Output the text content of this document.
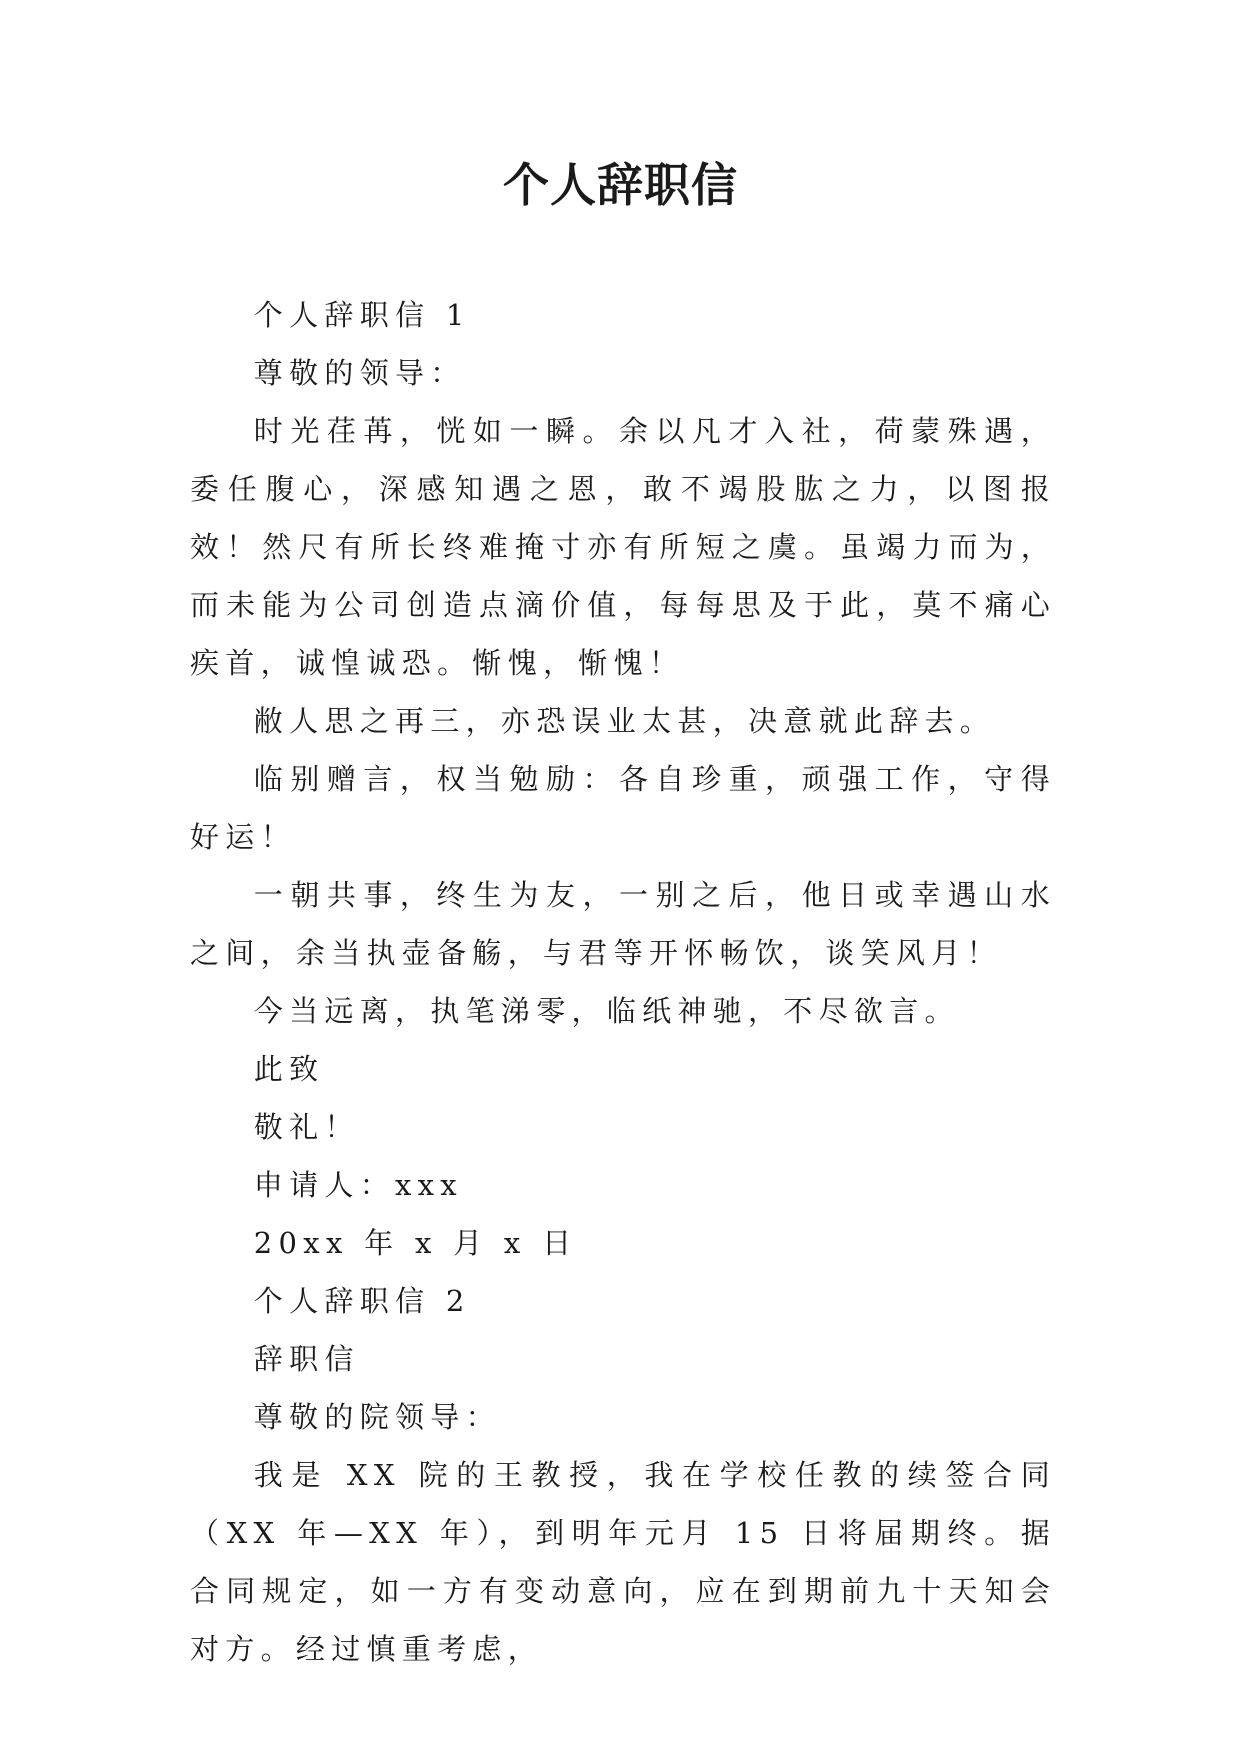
个人辞职信

个人辞职信 1

尊敬的领导：

时光荏苒，恍如一瞬。余以凡才入社，荷蒙殊遇，委任腹心，深感知遇之恩，敢不竭股肱之力，以图报效！然尺有所长终难掩寸亦有所短之虞。虽竭力而为，而未能为公司创造点滴价值，每每思及于此，莫不痛心疾首，诚惶诚恐。惭愧，惭愧！

敝人思之再三，亦恐误业太甚，决意就此辞去。

临别赠言，权当勉励：各自珍重，顽强工作，守得好运！

一朝共事，终生为友，一别之后，他日或幸遇山水之间，余当执壶备觞，与君等开怀畅饮，谈笑风月！

今当远离，执笔涕零，临纸神驰，不尽欲言。

此致

敬礼！

申请人：xxx

20xx 年 x 月 x 日

个人辞职信 2

辞职信

尊敬的院领导：

我是 XX 院的王教授，我在学校任教的续签合同（XX 年—XX 年），到明年元月 15 日将届期终。据合同规定，如一方有变动意向，应在到期前九十天知会对方。经过慎重考虑，
